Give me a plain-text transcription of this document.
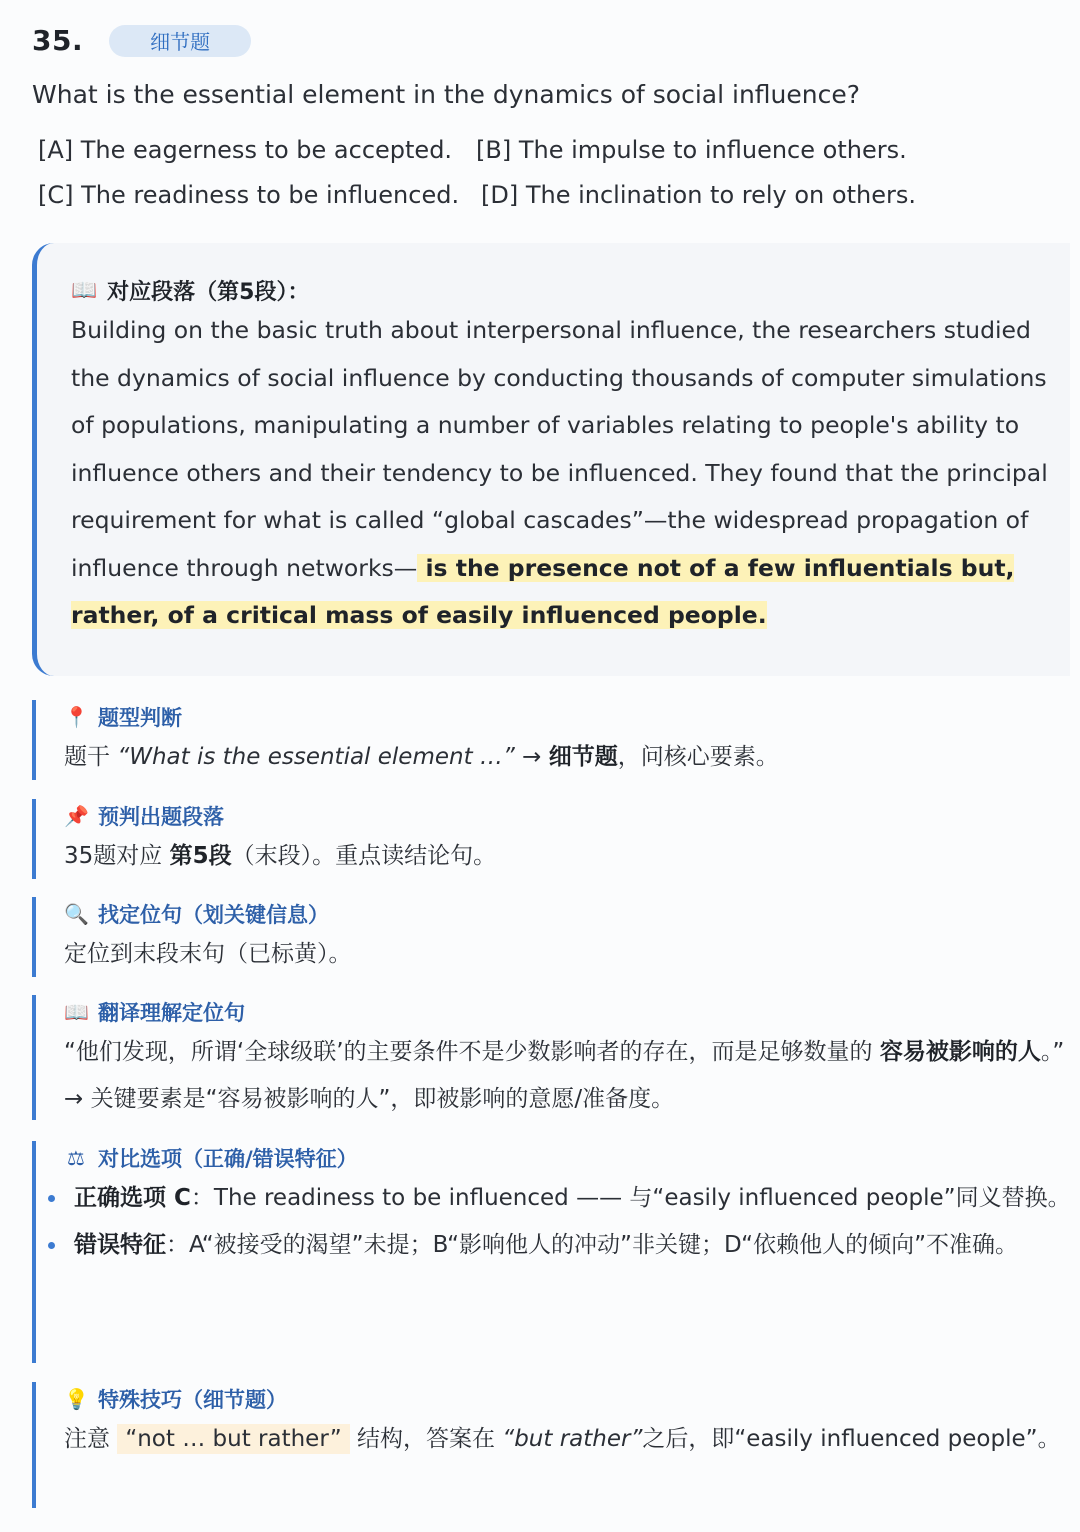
35.	细节题
What is the essential element in the dynamics of social influence?
[A] The eagerness to be accepted. [B] The impulse to influence others.
[C] The readiness to be influenced. [D] The inclination to rely on others.
📖 对应段落（第5段）：
Building on the basic truth about interpersonal influence, the researchers studied the dynamics of social influence by conducting thousands of computer simulations of populations, manipulating a number of variables relating to people's ability to influence others and their tendency to be influenced. They found that the principal requirement for what is called “global cascades”—the widespread propagation of influence through networks— is the presence not of a few influentials but, rather, of a critical mass of easily influenced people.
📍 题型判断
题干 “What is the essential element …” → 细节题，问核心要素。
📌 预判出题段落
35题对应 第5段（末段）。重点读结论句。
🔍 找定位句（划关键信息）
定位到末段末句（已标黄）。
📖 翻译理解定位句
“他们发现，所谓‘全球级联’的主要条件不是少数影响者的存在，而是足够数量的 容易被影响的人。” → 关键要素是“容易被影响的人”，即被影响的意愿/准备度。
⚖ 对比选项（正确/错误特征）
正确选项 C：The readiness to be influenced —— 与“easily influenced people”同义替换。
错误特征：A“被接受的渴望”未提；B“影响他人的冲动”非关键；D“依赖他人的倾向”不准确。
💡 特殊技巧（细节题）
注意 “not … but rather” 结构，答案在 “but rather”之后，即“easily influenced people”。
